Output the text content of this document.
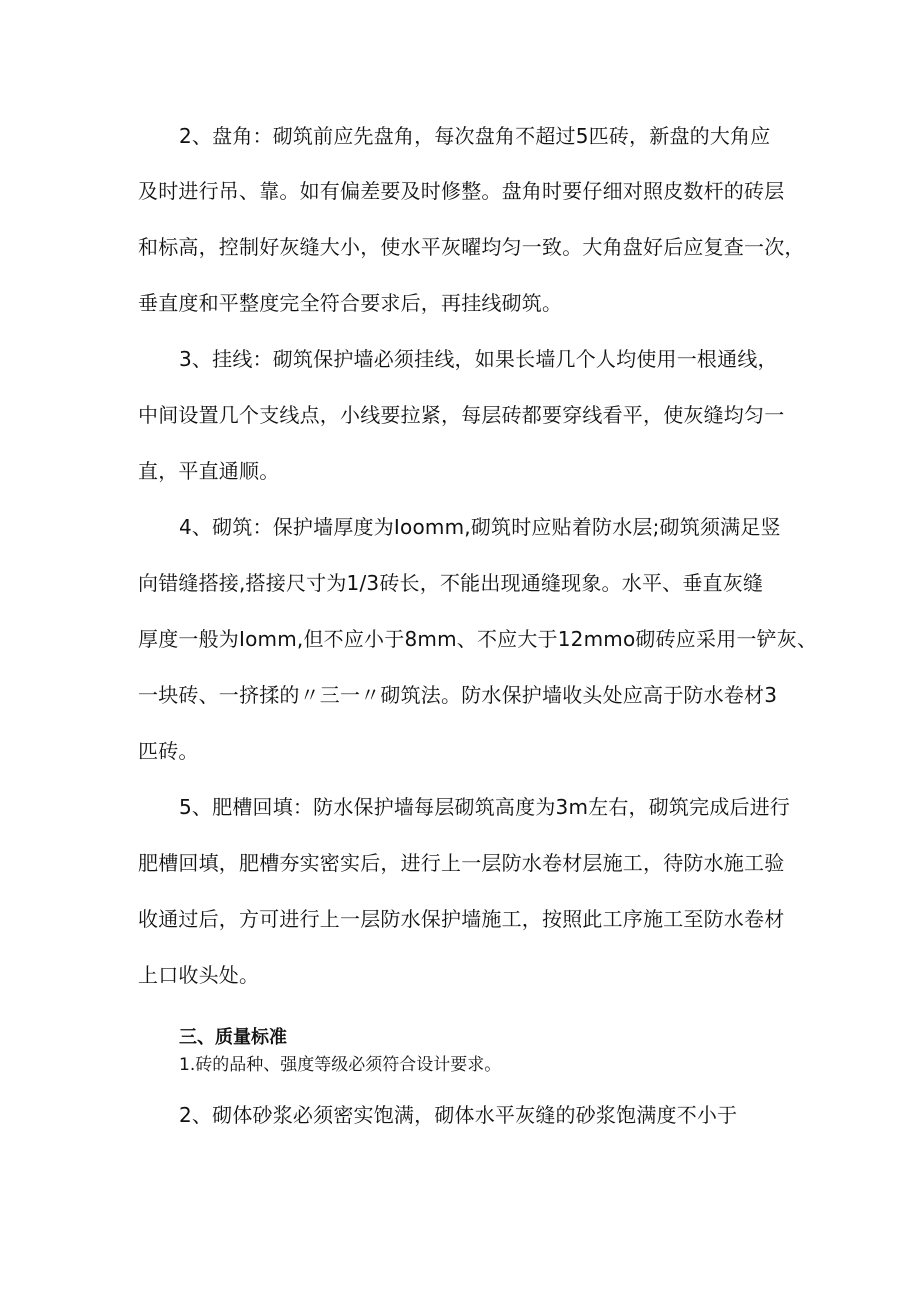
2、盘角：砌筑前应先盘角，每次盘角不超过5匹砖，新盘的大角应
及时进行吊、靠。如有偏差要及时修整。盘角时要仔细对照皮数杆的砖层
和标高，控制好灰缝大小，使水平灰曜均匀一致。大角盘好后应复查一次，
垂直度和平整度完全符合要求后，再挂线砌筑。
3、挂线：砌筑保护墙必须挂线，如果长墙几个人均使用一根通线，
中间设置几个支线点，小线要拉紧，每层砖都要穿线看平，使灰缝均匀一
直，平直通顺。
4、砌筑：保护墙厚度为Ioomm,砌筑时应贴着防水层;砌筑须满足竖
向错缝搭接,搭接尺寸为1/3砖长，不能出现通缝现象。水平、垂直灰缝
厚度一般为Iomm,但不应小于8mm、不应大于12mmo砌砖应采用一铲灰、
一块砖、一挤揉的〃三一〃砌筑法。防水保护墙收头处应高于防水卷材3
匹砖。
5、肥槽回填：防水保护墙每层砌筑高度为3m左右，砌筑完成后进行
肥槽回填，肥槽夯实密实后，进行上一层防水卷材层施工，待防水施工验
收通过后，方可进行上一层防水保护墙施工，按照此工序施工至防水卷材
上口收头处。
三、质量标准
1.砖的品种、强度等级必须符合设计要求。
2、砌体砂浆必须密实饱满，砌体水平灰缝的砂浆饱满度不小于
